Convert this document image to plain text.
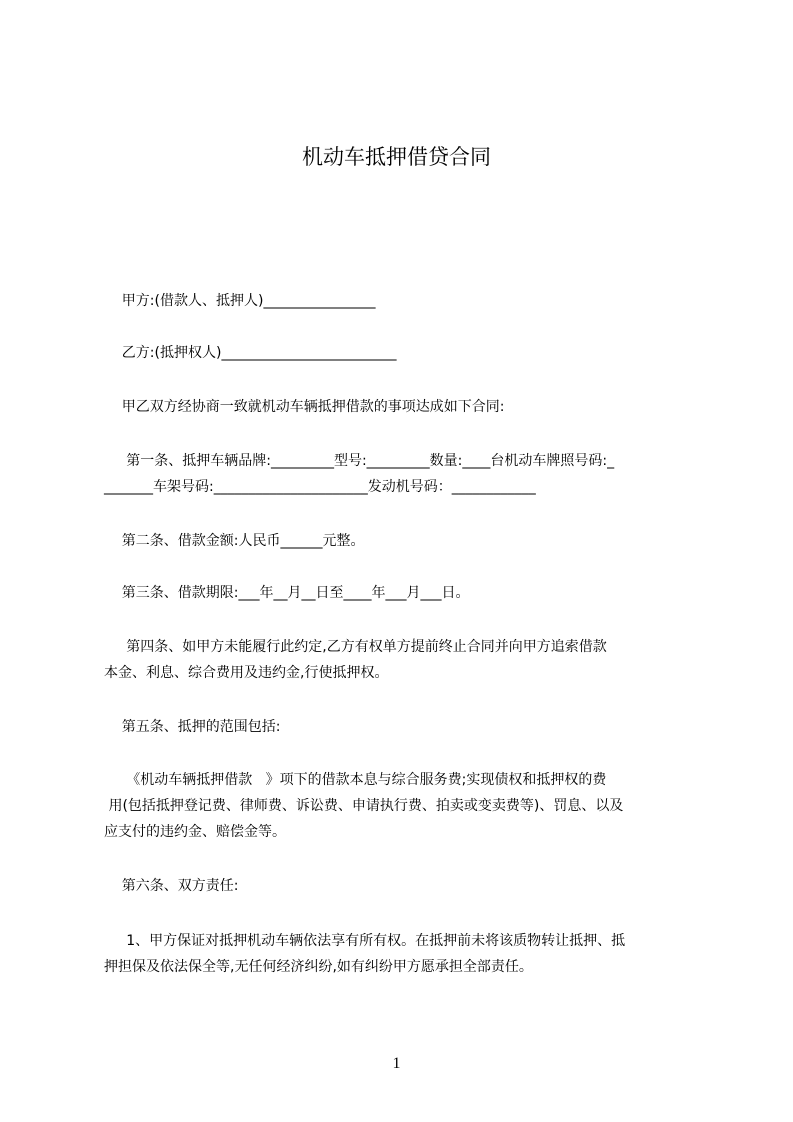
机动车抵押借贷合同
甲方:(借款人、抵押人)________________
乙方:(抵押权人)_________________________
甲乙双方经协商一致就机动车辆抵押借款的事项达成如下合同:
第一条、抵押车辆品牌:_________型号:_________数量:____台机动车牌照号码:_
_______车架号码:______________________发动机号码：____________
第二条、借款金额:人民币______元整。
第三条、借款期限:___年__月__日至____年___月___日。
第四条、如甲方未能履行此约定,乙方有权单方提前终止合同并向甲方追索借款
本金、利息、综合费用及违约金,行使抵押权。
第五条、抵押的范围包括:
《机动车辆抵押借款   》项下的借款本息与综合服务费;实现债权和抵押权的费
用(包括抵押登记费、律师费、诉讼费、申请执行费、拍卖或变卖费等)、罚息、以及
应支付的违约金、赔偿金等。
第六条、双方责任:
1、甲方保证对抵押机动车辆依法享有所有权。在抵押前未将该质物转让抵押、抵
押担保及依法保全等,无任何经济纠纷,如有纠纷甲方愿承担全部责任。
1
